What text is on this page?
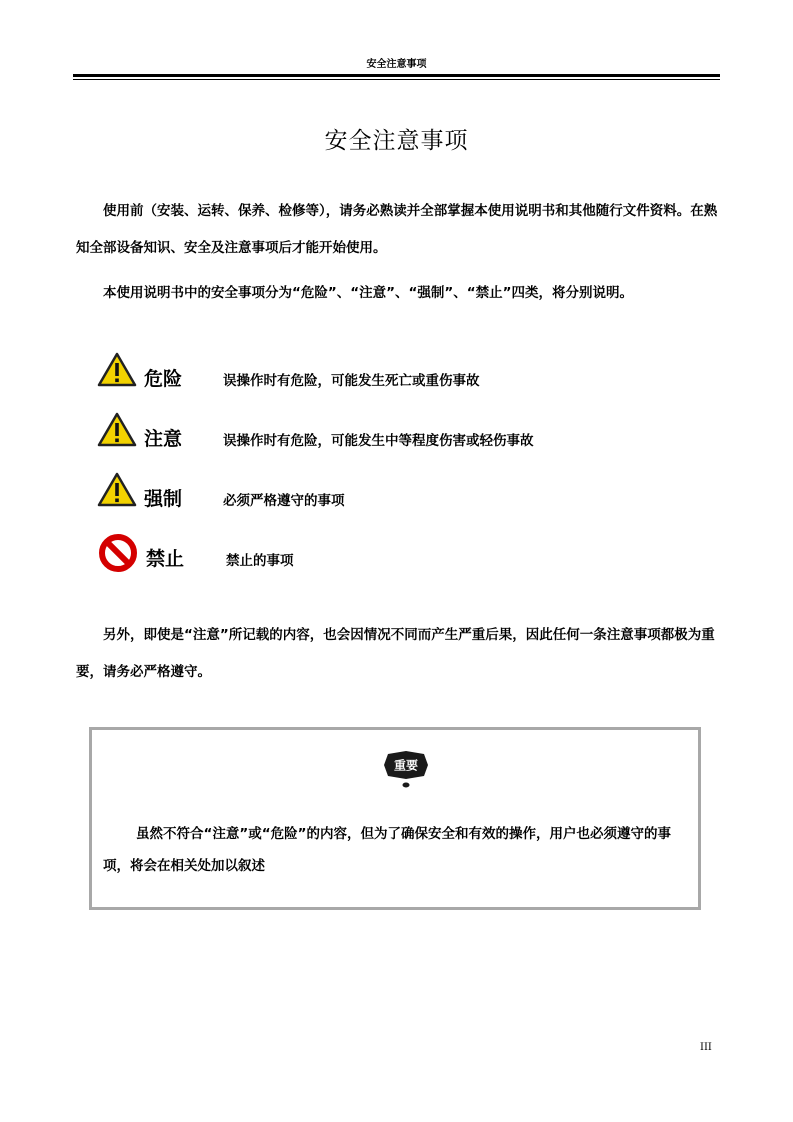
安全注意事项
安全注意事项

使用前（安装、运转、保养、检修等），请务必熟读并全部掌握本使用说明书和其他随行文件资料。在熟知全部设备知识、安全及注意事项后才能开始使用。

本使用说明书中的安全事项分为“危险”、“注意”、“强制”、“禁止”四类，将分别说明。

危险	误操作时有危险，可能发生死亡或重伤事故
注意	误操作时有危险，可能发生中等程度伤害或轻伤事故
强制	必须严格遵守的事项
禁止	禁止的事项

另外，即使是“注意”所记载的内容，也会因情况不同而产生严重后果，因此任何一条注意事项都极为重要，请务必严格遵守。

重要
虽然不符合“注意”或“危险”的内容，但为了确保安全和有效的操作，用户也必须遵守的事项，将会在相关处加以叙述
III
